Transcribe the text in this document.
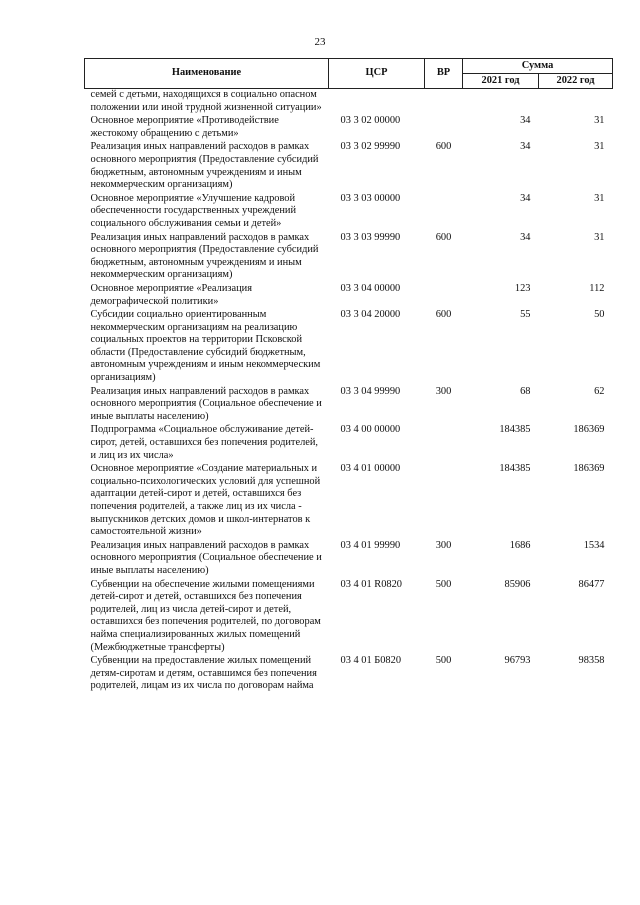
23
Наименование	ЦСР	ВР	Сумма	
			2021 год	2022 год
семей с детьми, находящихся в социально опасном положении или иной трудной жизненной ситуации»				
Основное мероприятие «Противодействие жестокому обращению с детьми»	03 3 02 00000		34	31
Реализация иных направлений расходов в рамках основного мероприятия (Предоставление субсидий бюджетным, автономным учреждениям и иным некоммерческим организациям)	03 3 02 99990	600	34	31
Основное мероприятие «Улучшение кадровой обеспеченности государственных учреждений социального обслуживания семьи и детей»	03 3 03 00000		34	31
Реализация иных направлений расходов в рамках основного мероприятия (Предоставление субсидий бюджетным, автономным учреждениям и иным некоммерческим организациям)	03 3 03 99990	600	34	31
Основное мероприятие «Реализация демографической политики»	03 3 04 00000		123	112
Субсидии социально ориентированным некоммерческим организациям на реализацию социальных проектов на территории Псковской области (Предоставление субсидий бюджетным, автономным учреждениям и иным некоммерческим организациям)	03 3 04 20000	600	55	50
Реализация иных направлений расходов в рамках основного мероприятия (Социальное обеспечение и иные выплаты населению)	03 3 04 99990	300	68	62
Подпрограмма «Социальное обслуживание детей-сирот, детей, оставшихся без попечения родителей, и лиц из их числа»	03 4 00 00000		184385	186369
Основное мероприятие «Создание материальных и социально-психологических условий для успешной адаптации детей-сирот и детей, оставшихся без попечения родителей, а также лиц из их числа - выпускников детских домов и школ-интернатов к самостоятельной жизни»	03 4 01 00000		184385	186369
Реализация иных направлений расходов в рамках основного мероприятия (Социальное обеспечение и иные выплаты населению)	03 4 01 99990	300	1686	1534
Субвенции на обеспечение жилыми помещениями детей-сирот и детей, оставшихся без попечения родителей, лиц из числа детей-сирот и детей, оставшихся без попечения родителей, по договорам найма специализированных жилых помещений (Межбюджетные трансферты)	03 4 01 R0820	500	85906	86477
Субвенции на предоставление жилых помещений детям-сиротам и детям, оставшимся без попечения родителей, лицам из их числа по договорам найма	03 4 01 Б0820	500	96793	98358
